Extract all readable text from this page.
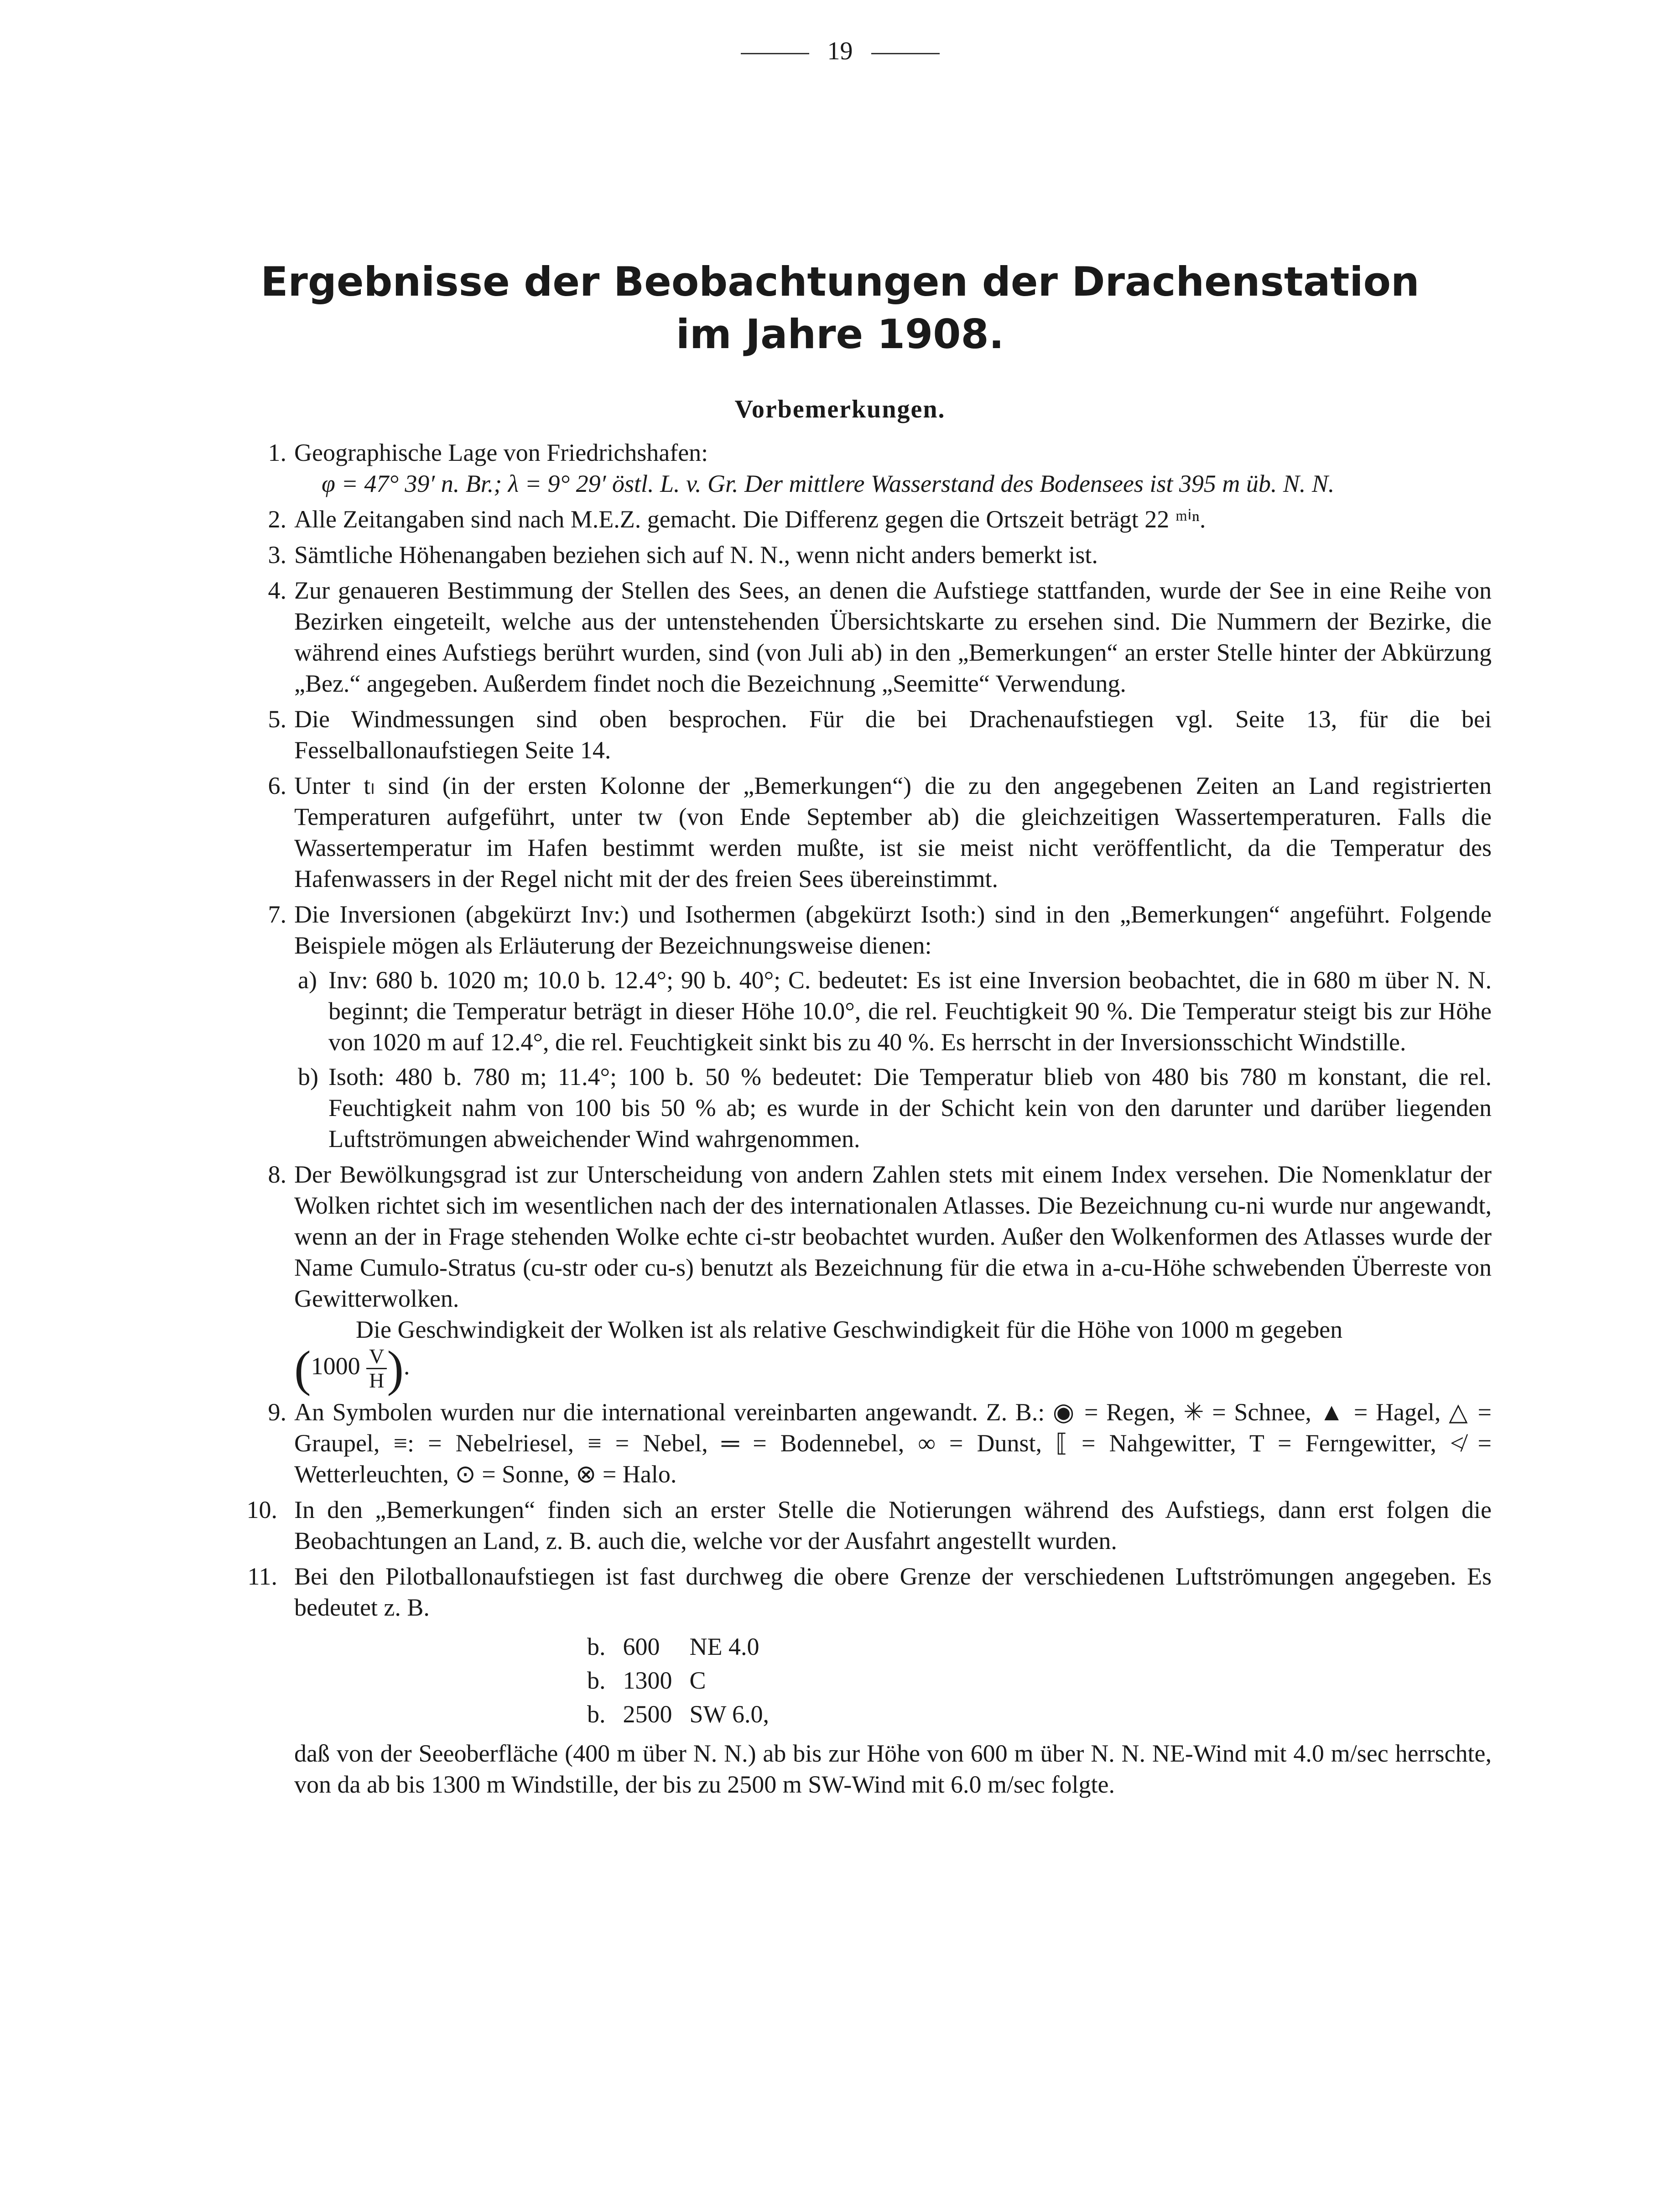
19
Ergebnisse der Beobachtungen der Drachenstation
im Jahre 1908.
Vorbemerkungen.
1. Geographische Lage von Friedrichshafen:
φ = 47° 39′ n. Br.; λ = 9° 29′ östl. L. v. Gr. Der mittlere Wasserstand des Bodensees ist 395 m üb. N. N.
2. Alle Zeitangaben sind nach M.E.Z. gemacht. Die Differenz gegen die Ortszeit beträgt 22 ᵐⁱⁿ.
3. Sämtliche Höhenangaben beziehen sich auf N. N., wenn nicht anders bemerkt ist.
4. Zur genaueren Bestimmung der Stellen des Sees, an denen die Aufstiege stattfanden, wurde der See in eine Reihe von Bezirken eingeteilt, welche aus der untenstehenden Übersichtskarte zu ersehen sind. Die Nummern der Bezirke, die während eines Aufstiegs berührt wurden, sind (von Juli ab) in den „Bemerkungen“ an erster Stelle hinter der Abkürzung „Bez.“ angegeben. Außerdem findet noch die Bezeichnung „Seemitte“ Verwendung.
5. Die Windmessungen sind oben besprochen. Für die bei Drachenaufstiegen vgl. Seite 13, für die bei Fesselballonaufstiegen Seite 14.
6. Unter tₗ sind (in der ersten Kolonne der „Bemerkungen“) die zu den angegebenen Zeiten an Land registrierten Temperaturen aufgeführt, unter tw (von Ende September ab) die gleichzeitigen Wassertemperaturen. Falls die Wassertemperatur im Hafen bestimmt werden mußte, ist sie meist nicht veröffentlicht, da die Temperatur des Hafenwassers in der Regel nicht mit der des freien Sees übereinstimmt.
7. Die Inversionen (abgekürzt Inv:) und Isothermen (abgekürzt Isoth:) sind in den „Bemerkungen“ angeführt. Folgende Beispiele mögen als Erläuterung der Bezeichnungsweise dienen:
a) Inv: 680 b. 1020 m; 10.0 b. 12.4°; 90 b. 40°; C. bedeutet: Es ist eine Inversion beobachtet, die in 680 m über N. N. beginnt; die Temperatur beträgt in dieser Höhe 10.0°, die rel. Feuchtigkeit 90 %. Die Temperatur steigt bis zur Höhe von 1020 m auf 12.4°, die rel. Feuchtigkeit sinkt bis zu 40 %. Es herrscht in der Inversionsschicht Windstille.
b) Isoth: 480 b. 780 m; 11.4°; 100 b. 50 % bedeutet: Die Temperatur blieb von 480 bis 780 m konstant, die rel. Feuchtigkeit nahm von 100 bis 50 % ab; es wurde in der Schicht kein von den darunter und darüber liegenden Luftströmungen abweichender Wind wahrgenommen.
8. Der Bewölkungsgrad ist zur Unterscheidung von andern Zahlen stets mit einem Index versehen. Die Nomenklatur der Wolken richtet sich im wesentlichen nach der des internationalen Atlasses. Die Bezeichnung cu-ni wurde nur angewandt, wenn an der in Frage stehenden Wolke echte ci-str beobachtet wurden. Außer den Wolkenformen des Atlasses wurde der Name Cumulo-Stratus (cu-str oder cu-s) benutzt als Bezeichnung für die etwa in a-cu-Höhe schwebenden Überreste von Gewitterwolken.
Die Geschwindigkeit der Wolken ist als relative Geschwindigkeit für die Höhe von 1000 m gegeben
($1000 \frac{V}{H}$ ).
9. An Symbolen wurden nur die international vereinbarten angewandt. Z. B.: ◉ = Regen, ✳ = Schnee, ▲ = Hagel, △ = Graupel, ≡: = Nebelriesel, ≡ = Nebel, ═ = Bodennebel, ∞ = Dunst, ⟦ = Nahgewitter, T = Ferngewitter, ≮ = Wetterleuchten, ⊙ = Sonne, ⊗ = Halo.
10. In den „Bemerkungen“ finden sich an erster Stelle die Notierungen während des Aufstiegs, dann erst folgen die Beobachtungen an Land, z. B. auch die, welche vor der Ausfahrt angestellt wurden.
11. Bei den Pilotballonaufstiegen ist fast durchweg die obere Grenze der verschiedenen Luftströmungen angegeben. Es bedeutet z. B.
b.	600	NE 4.0
b.	1300	C
b.	2500	SW 6.0,
daß von der Seeoberfläche (400 m über N. N.) ab bis zur Höhe von 600 m über N. N. NE-Wind mit 4.0 m/sec herrschte, von da ab bis 1300 m Windstille, der bis zu 2500 m SW-Wind mit 6.0 m/sec folgte.
